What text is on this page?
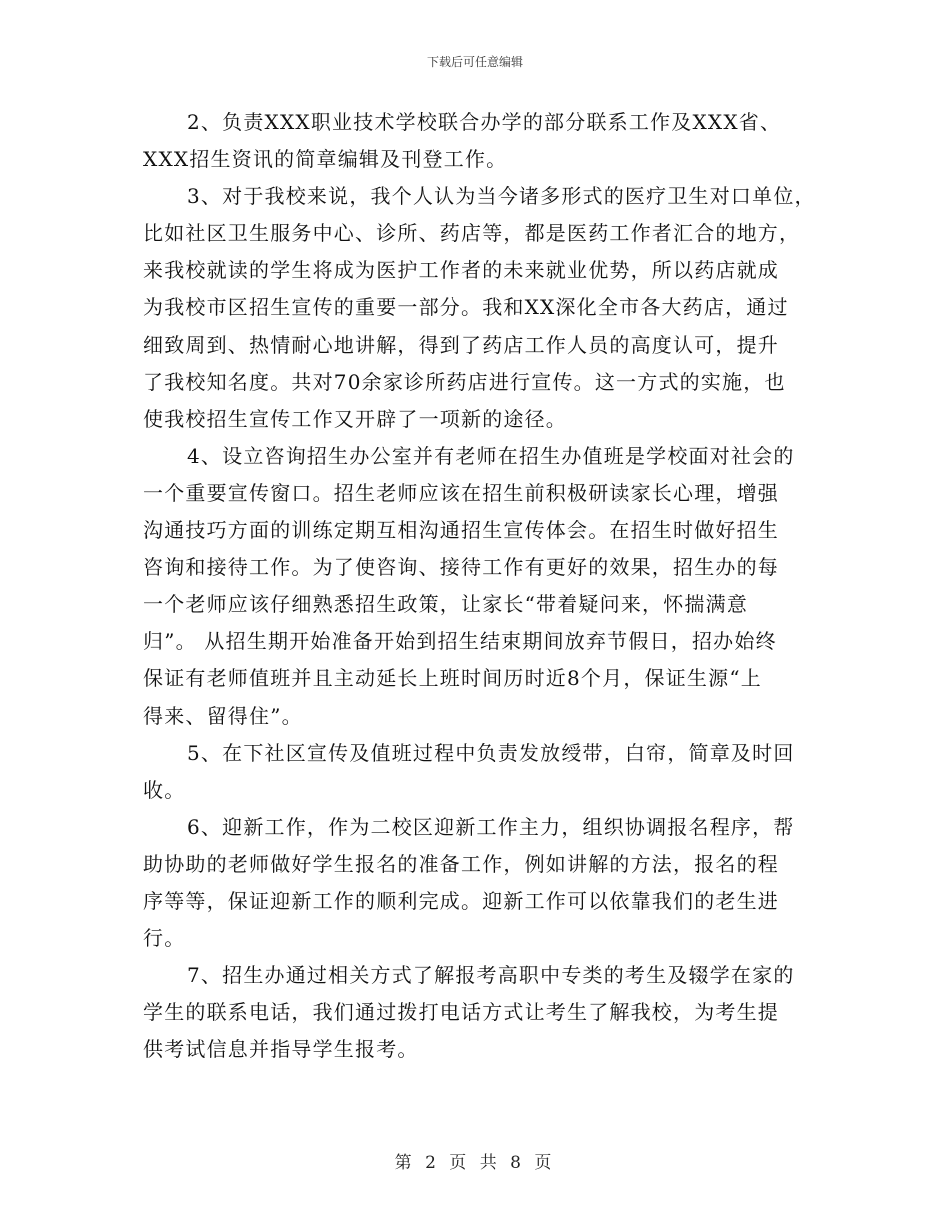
下载后可任意编辑
2、负责XXX职业技术学校联合办学的部分联系工作及XXX省、
XXX招生资讯的简章编辑及刊登工作。
3、对于我校来说，我个人认为当今诸多形式的医疗卫生对口单位，
比如社区卫生服务中心、诊所、药店等，都是医药工作者汇合的地方，
来我校就读的学生将成为医护工作者的未来就业优势，所以药店就成
为我校市区招生宣传的重要一部分。我和XX深化全市各大药店，通过
细致周到、热情耐心地讲解，得到了药店工作人员的高度认可，提升
了我校知名度。共对70余家诊所药店进行宣传。这一方式的实施，也
使我校招生宣传工作又开辟了一项新的途径。
4、设立咨询招生办公室并有老师在招生办值班是学校面对社会的
一个重要宣传窗口。招生老师应该在招生前积极研读家长心理，增强
沟通技巧方面的训练定期互相沟通招生宣传体会。在招生时做好招生
咨询和接待工作。为了使咨询、接待工作有更好的效果，招生办的每
一个老师应该仔细熟悉招生政策，让家长“带着疑问来，怀揣满意
归”。 从招生期开始准备开始到招生结束期间放弃节假日，招办始终
保证有老师值班并且主动延长上班时间历时近8个月，保证生源“上
得来、留得住”。
5、在下社区宣传及值班过程中负责发放绶带，白帘，简章及时回
收。
6、迎新工作，作为二校区迎新工作主力，组织协调报名程序，帮
助协助的老师做好学生报名的准备工作，例如讲解的方法，报名的程
序等等，保证迎新工作的顺利完成。迎新工作可以依靠我们的老生进
行。
7、招生办通过相关方式了解报考高职中专类的考生及辍学在家的
学生的联系电话，我们通过拨打电话方式让考生了解我校，为考生提
供考试信息并指导学生报考。
第 2 页 共 8 页
